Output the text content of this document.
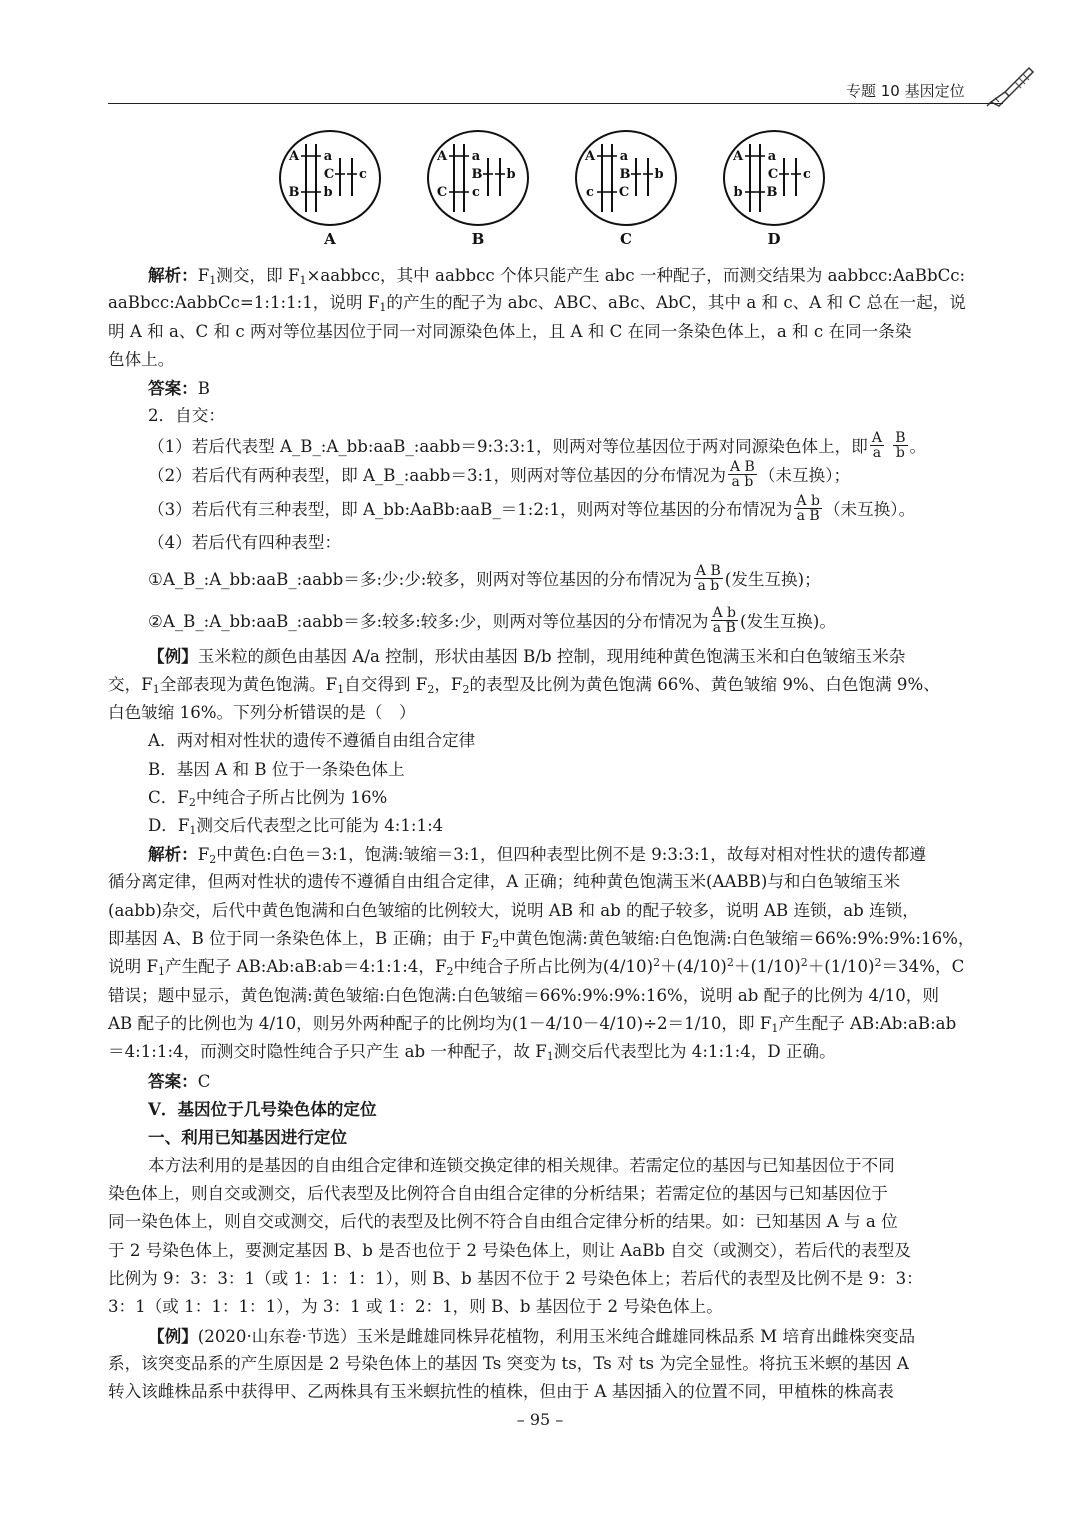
专题 10 基因定位
A a
B b
C c
A
A a
C c
B b
B
A a
c C
B b
C
A a
b B
C c
D
解析：$F_1$测交，即 $F_1\times aabbcc$，其中 aabbcc 个体只能产生 abc 一种配子，而测交结果为 aabbcc:AaBbCc:
aaBbcc:AabbCc=1:1:1:1，说明 $F_1$的产生的配子为 abc、ABC、aBc、AbC，其中 a 和 c、A 和 C 总在一起，说
明 A 和 a、C 和 c 两对等位基因位于同一对同源染色体上，且 A 和 C 在同一条染色体上，a 和 c 在同一条染
色体上。
答案：B
2．自交：
（1）若后代表型 A_B_:A_bb:aaB_:aabb＝9:3:3:1，则两对等位基因位于两对同源染色体上，即 $\frac{A}{a}$
$\frac{B}{b}$ 。
（2）若后代有两种表型，即 A_B_:aabb＝3:1，则两对等位基因的分布情况为 $\frac{\text{A B}}{\text{a b}}$ （未互换）；
（3）若后代有三种表型，即 A_bb:AaBb:aaB_＝1:2:1，则两对等位基因的分布情况为 $\frac{\text{A b}}{\text{a B}}$ （未互换）。
（4）若后代有四种表型：
①A_B_:A_bb:aaB_:aabb＝多:少:少:较多，则两对等位基因的分布情况为 $\frac{\text{A B}}{\text{a b}}$ (发生互换)；
②A_B_:A_bb:aaB_:aabb＝多:较多:较多:少，则两对等位基因的分布情况为 $\frac{\text{A b}}{\text{a B}}$ (发生互换)。
【例】玉米粒的颜色由基因 A/a 控制，形状由基因 B/b 控制，现用纯种黄色饱满玉米和白色皱缩玉米杂
交，$F_1$全部表现为黄色饱满。$F_1$自交得到 $F_2$，$F_2$的表型及比例为黄色饱满 66%、黄色皱缩 9%、白色饱满 9%、
白色皱缩 16%。下列分析错误的是（　）
A．两对相对性状的遗传不遵循自由组合定律
B．基因 A 和 B 位于一条染色体上
C．$F_2$中纯合子所占比例为 16%
D．$F_1$测交后代表型之比可能为 4:1:1:4
解析：$F_2$中黄色:白色＝3:1，饱满:皱缩＝3:1，但四种表型比例不是 9:3:3:1，故每对相对性状的遗传都遵
循分离定律，但两对性状的遗传不遵循自由组合定律，A 正确；纯种黄色饱满玉米(AABB)与和白色皱缩玉米
(aabb)杂交，后代中黄色饱满和白色皱缩的比例较大，说明 AB 和 ab 的配子较多，说明 AB 连锁，ab 连锁，
即基因 A、B 位于同一条染色体上，B 正确；由于 $F_2$中黄色饱满:黄色皱缩:白色饱满:白色皱缩＝66%:9%:9%:16%，
说明 $F_1$产生配子 AB:Ab:aB:ab＝4:1:1:4，$F_2$中纯合子所占比例为$(4/10)^2+(4/10)^2+(1/10)^2+(1/10)^2=34\%$，C
错误；题中显示，黄色饱满:黄色皱缩:白色饱满:白色皱缩＝66%:9%:9%:16%，说明 ab 配子的比例为 4/10，则
AB 配子的比例也为 4/10，则另外两种配子的比例均为(1－4/10－4/10)÷2＝1/10，即 $F_1$产生配子 AB:Ab:aB:ab
＝4:1:1:4，而测交时隐性纯合子只产生 ab 一种配子，故 $F_1$测交后代表型比为 4:1:1:4，D 正确。
答案：C
Ⅴ．基因位于几号染色体的定位
一、利用已知基因进行定位
本方法利用的是基因的自由组合定律和连锁交换定律的相关规律。若需定位的基因与已知基因位于不同
染色体上，则自交或测交，后代表型及比例符合自由组合定律的分析结果；若需定位的基因与已知基因位于
同一染色体上，则自交或测交，后代的表型及比例不符合自由组合定律分析的结果。如：已知基因 A 与 a 位
于 2 号染色体上，要测定基因 B、b 是否也位于 2 号染色体上，则让 AaBb 自交（或测交），若后代的表型及
比例为 9：3：3：1（或 1：1：1：1），则 B、b 基因不位于 2 号染色体上；若后代的表型及比例不是 9：3：
3：1（或 1：1：1：1），为 3：1 或 1：2：1，则 B、b 基因位于 2 号染色体上。
【例】(2020·山东卷·节选）玉米是雌雄同株异花植物，利用玉米纯合雌雄同株品系 M 培育出雌株突变品
系，该突变品系的产生原因是 2 号染色体上的基因 Ts 突变为 ts，Ts 对 ts 为完全显性。将抗玉米螟的基因 A
转入该雌株品系中获得甲、乙两株具有玉米螟抗性的植株，但由于 A 基因插入的位置不同，甲植株的株高表
– 95 –
